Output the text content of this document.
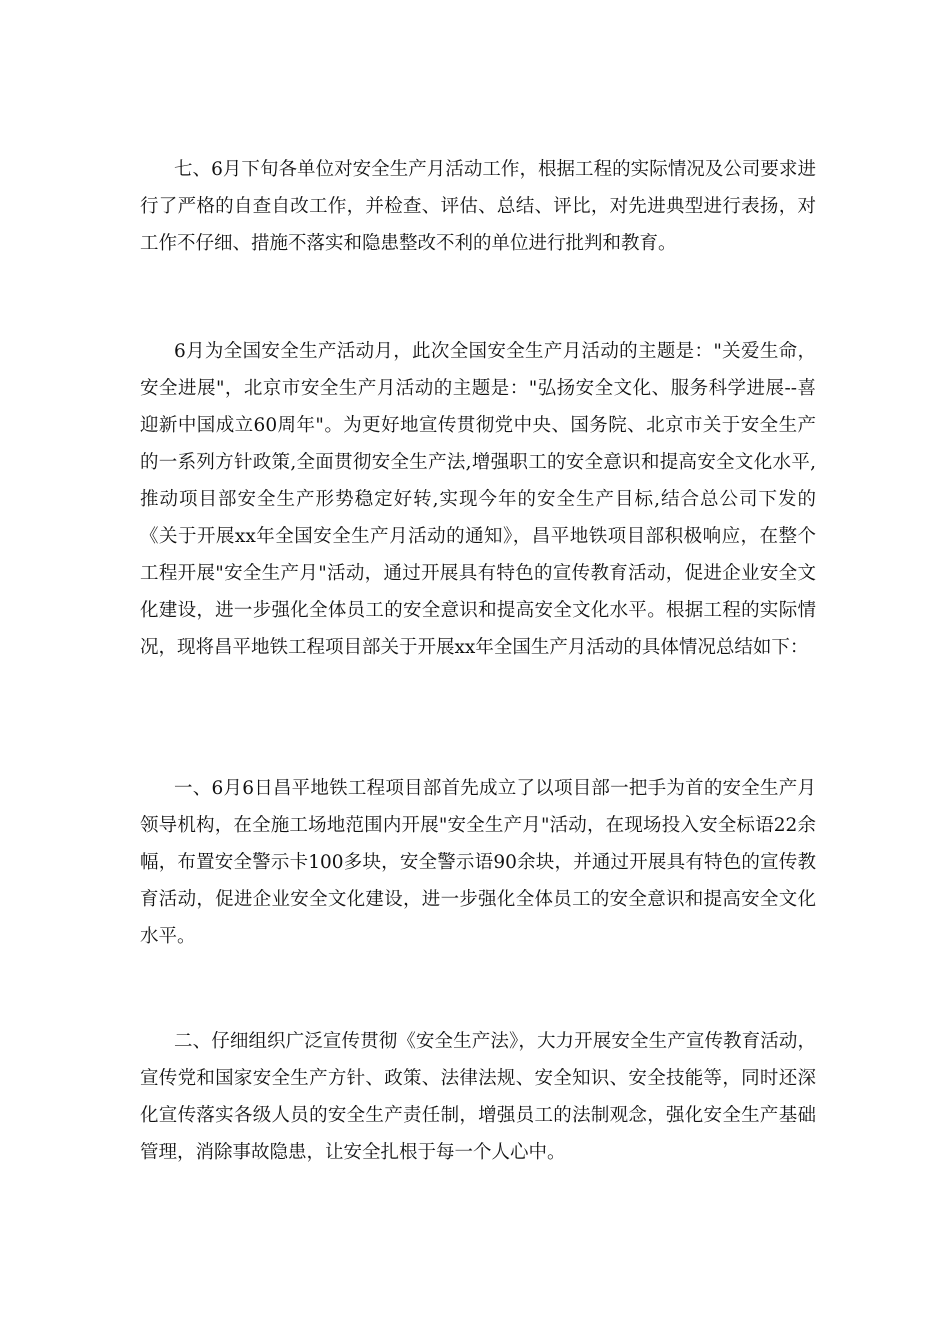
七、6月下旬各单位对安全生产月活动工作，根据工程的实际情况及公司要求进行了严格的自查自改工作，并检查、评估、总结、评比，对先进典型进行表扬，对工作不仔细、措施不落实和隐患整改不利的单位进行批判和教育。

6月为全国安全生产活动月，此次全国安全生产月活动的主题是："关爱生命，安全进展"，北京市安全生产月活动的主题是："弘扬安全文化、服务科学进展--喜迎新中国成立60周年"。为更好地宣传贯彻党中央、国务院、北京市关于安全生产的一系列方针政策,全面贯彻安全生产法,增强职工的安全意识和提高安全文化水平,推动项目部安全生产形势稳定好转,实现今年的安全生产目标,结合总公司下发的《关于开展xx年全国安全生产月活动的通知》，昌平地铁项目部积极响应，在整个工程开展"安全生产月"活动，通过开展具有特色的宣传教育活动，促进企业安全文化建设，进一步强化全体员工的安全意识和提高安全文化水平。根据工程的实际情况，现将昌平地铁工程项目部关于开展xx年全国生产月活动的具体情况总结如下：

一、6月6日昌平地铁工程项目部首先成立了以项目部一把手为首的安全生产月领导机构，在全施工场地范围内开展"安全生产月"活动，在现场投入安全标语22余幅，布置安全警示卡100多块，安全警示语90余块，并通过开展具有特色的宣传教育活动，促进企业安全文化建设，进一步强化全体员工的安全意识和提高安全文化水平。

二、仔细组织广泛宣传贯彻《安全生产法》，大力开展安全生产宣传教育活动，宣传党和国家安全生产方针、政策、法律法规、安全知识、安全技能等，同时还深化宣传落实各级人员的安全生产责任制，增强员工的法制观念，强化安全生产基础管理，消除事故隐患，让安全扎根于每一个人心中。
